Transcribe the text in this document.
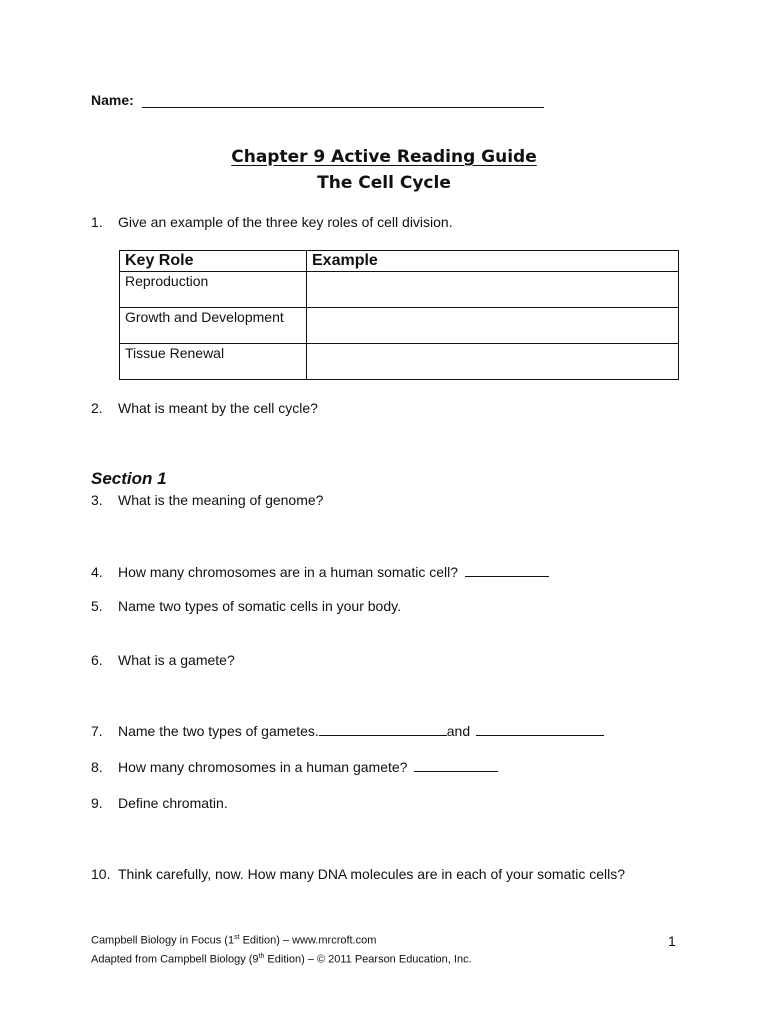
Name:
Chapter 9 Active Reading Guide
The Cell Cycle
1. Give an example of the three key roles of cell division.
Key Role	Example
Reproduction	
Growth and Development	
Tissue Renewal	
2. What is meant by the cell cycle?
Section 1
3. What is the meaning of genome?
4. How many chromosomes are in a human somatic cell?
5. Name two types of somatic cells in your body.
6. What is a gamete?
7. Name the two types of gametes.	and
8. How many chromosomes in a human gamete?
9. Define chromatin.
10. Think carefully, now. How many DNA molecules are in each of your somatic cells?
Campbell Biology in Focus (1st Edition) – www.mrcroft.com
Adapted from Campbell Biology (9th Edition) – © 2011 Pearson Education, Inc.
1
